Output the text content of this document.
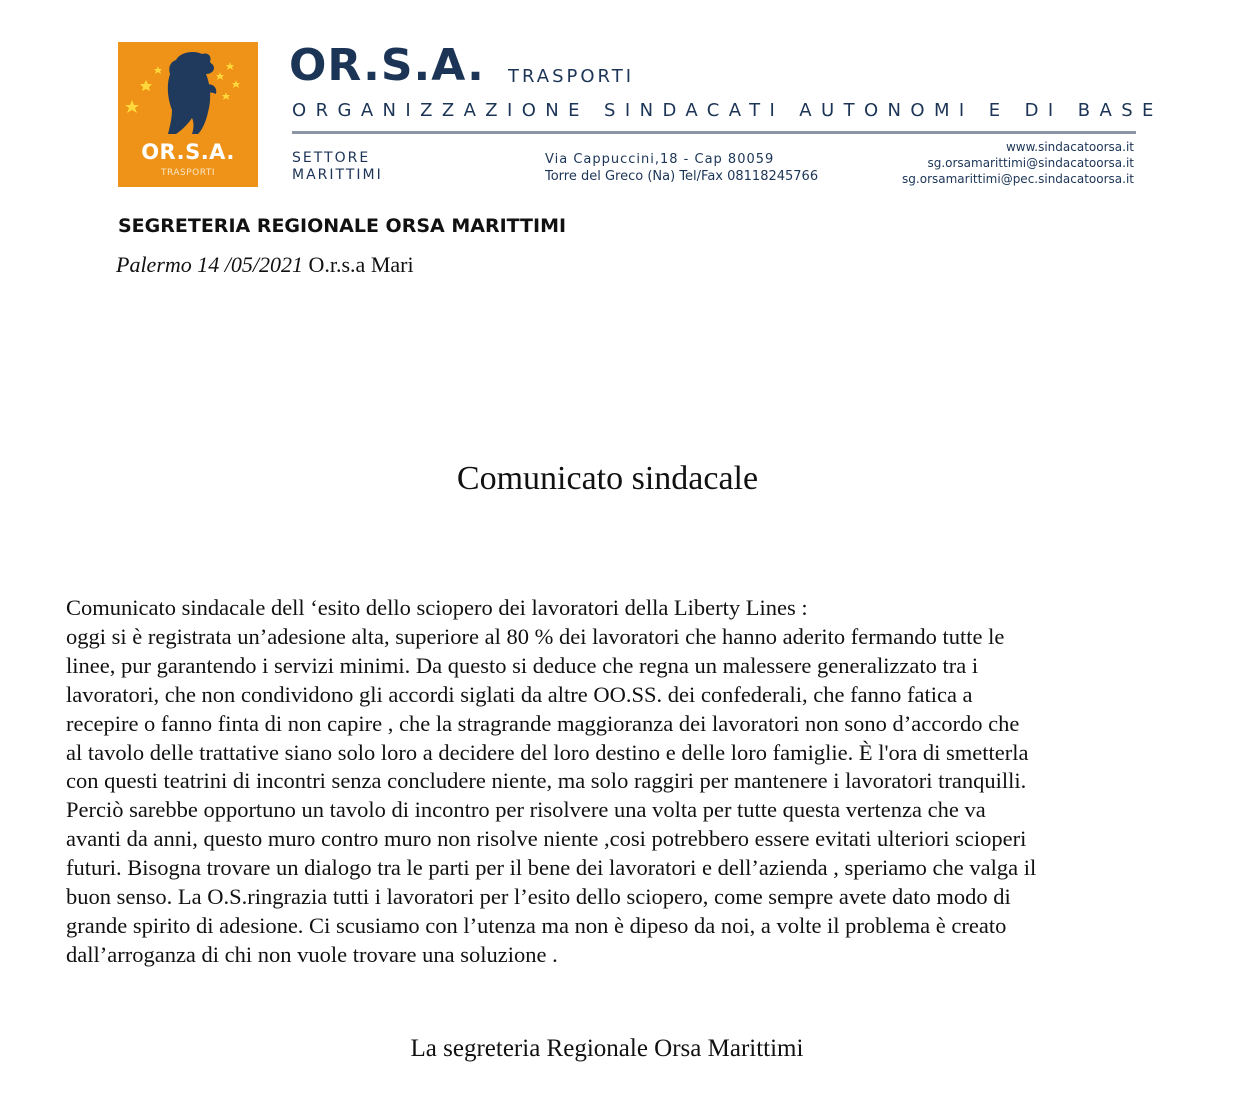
OR.S.A.
TRASPORTI
OR.S.A. TRASPORTI
ORGANIZZAZIONE SINDACATI AUTONOMI E DI BASE
SETTORE
MARITTIMI
Via Cappuccini,18 - Cap 80059
Torre del Greco (Na) Tel/Fax 08118245766
www.sindacatoorsa.it
sg.orsamarittimi@sindacatoorsa.it
sg.orsamarittimi@pec.sindacatoorsa.it
SEGRETERIA REGIONALE ORSA MARITTIMI
Palermo 14 /05/2021 O.r.s.a Mari
Comunicato sindacale
Comunicato sindacale dell ‘esito dello sciopero dei lavoratori della Liberty Lines :
oggi si è registrata un’adesione alta, superiore al 80 % dei lavoratori che hanno aderito fermando tutte le
linee, pur garantendo i servizi minimi. Da questo si deduce che regna un malessere generalizzato tra i
lavoratori, che non condividono gli accordi siglati da altre OO.SS. dei confederali, che fanno fatica a
recepire o fanno finta di non capire , che la stragrande maggioranza dei lavoratori non sono d’accordo che
al tavolo delle trattative siano solo loro a decidere del loro destino e delle loro famiglie. È l'ora di smetterla
con questi teatrini di incontri senza concludere niente, ma solo raggiri per mantenere i lavoratori tranquilli.
Perciò sarebbe opportuno un tavolo di incontro per risolvere una volta per tutte questa vertenza che va
avanti da anni, questo muro contro muro non risolve niente ,cosi potrebbero essere evitati ulteriori scioperi
futuri. Bisogna trovare un dialogo tra le parti per il bene dei lavoratori e dell’azienda , speriamo che valga il
buon senso. La O.S.ringrazia tutti i lavoratori per l’esito dello sciopero, come sempre avete dato modo di
grande spirito di adesione. Ci scusiamo con l’utenza ma non è dipeso da noi, a volte il problema è creato
dall’arroganza di chi non vuole trovare una soluzione .
La segreteria Regionale Orsa Marittimi
